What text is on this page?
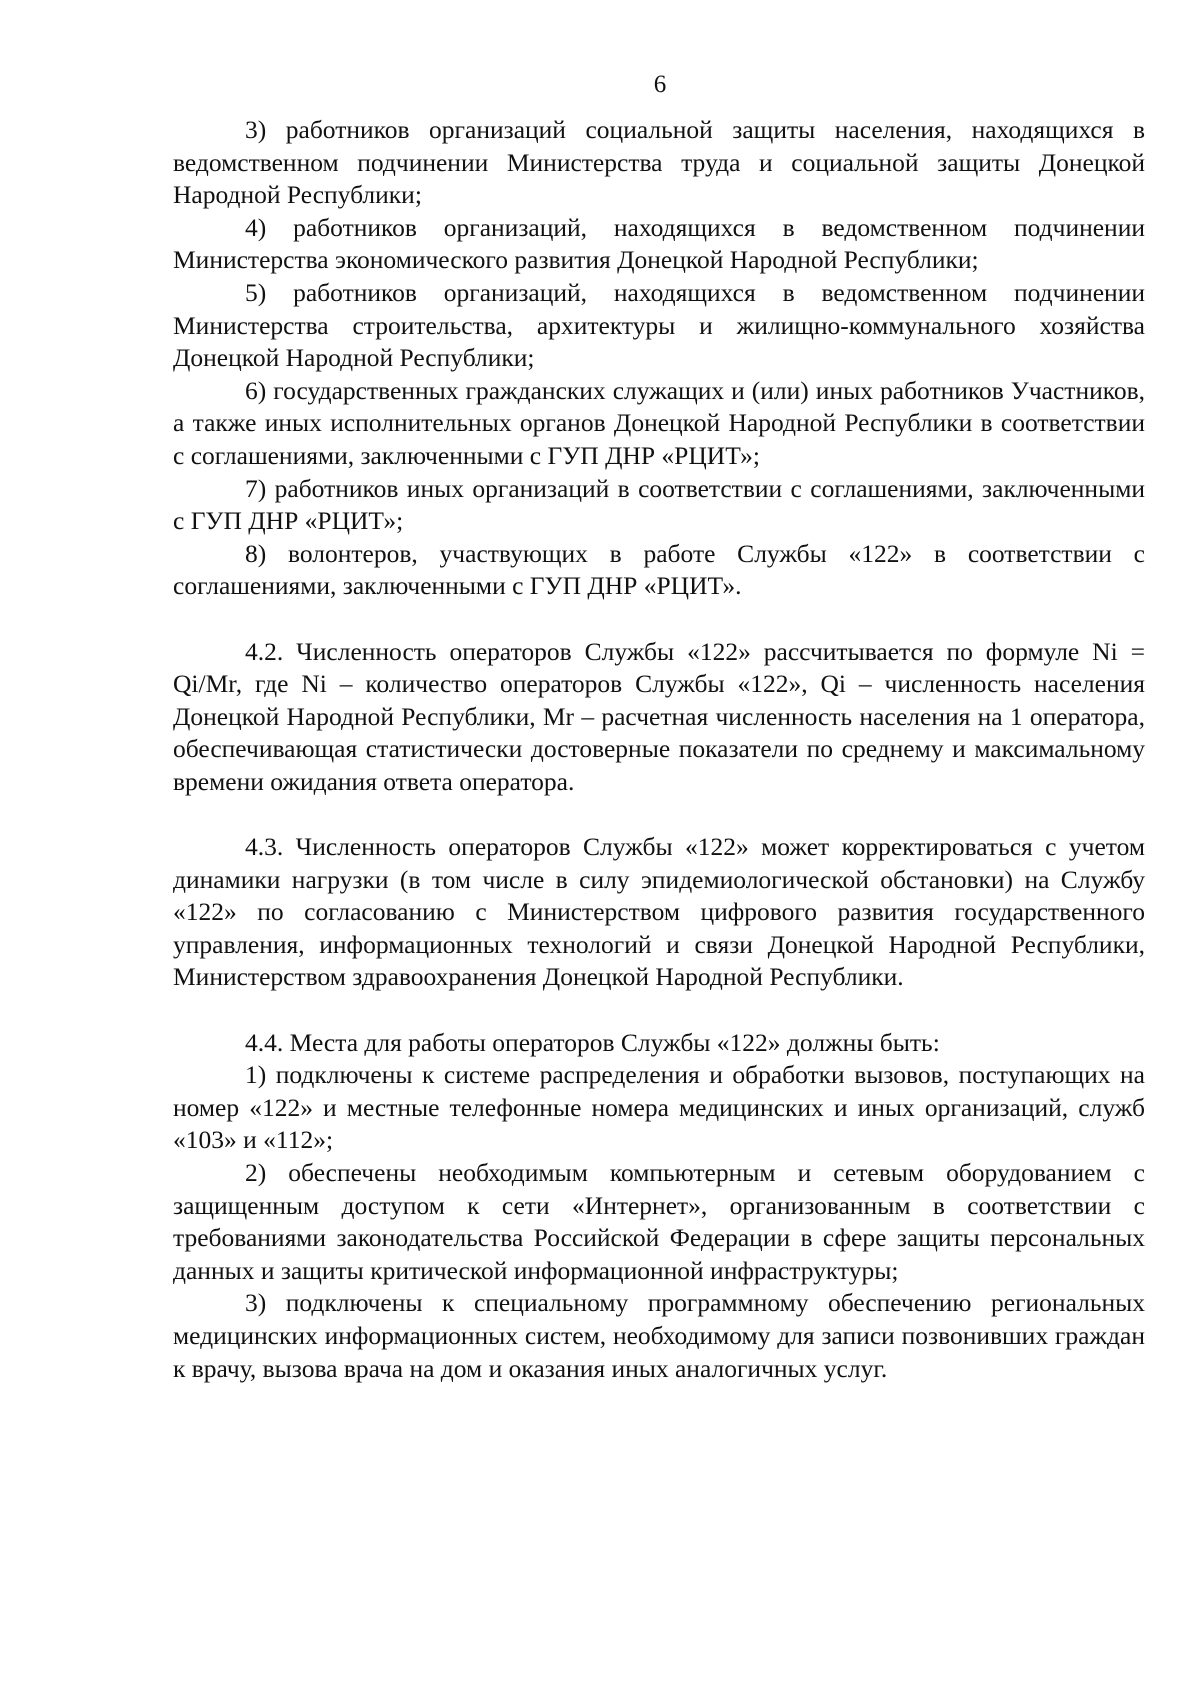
6

3) работников организаций социальной защиты населения, находящихся в ведомственном подчинении Министерства труда и социальной защиты Донецкой Народной Республики;

4) работников организаций, находящихся в ведомственном подчинении Министерства экономического развития Донецкой Народной Республики;

5) работников организаций, находящихся в ведомственном подчинении Министерства строительства, архитектуры и жилищно-коммунального хозяйства Донецкой Народной Республики;

6) государственных гражданских служащих и (или) иных работников Участников, а также иных исполнительных органов Донецкой Народной Республики в соответствии с соглашениями, заключенными с ГУП ДНР «РЦИТ»;

7) работников иных организаций в соответствии с соглашениями, заключенными с ГУП ДНР «РЦИТ»;

8) волонтеров, участвующих в работе Службы «122» в соответствии с соглашениями, заключенными с ГУП ДНР «РЦИТ».

4.2. Численность операторов Службы «122» рассчитывается по формуле Ni = Qi/Mr, где Ni – количество операторов Службы «122», Qi – численность населения Донецкой Народной Республики, Mr – расчетная численность населения на 1 оператора, обеспечивающая статистически достоверные показатели по среднему и максимальному времени ожидания ответа оператора.

4.3. Численность операторов Службы «122» может корректироваться с учетом динамики нагрузки (в том числе в силу эпидемиологической обстановки) на Службу «122» по согласованию с Министерством цифрового развития государственного управления, информационных технологий и связи Донецкой Народной Республики, Министерством здравоохранения Донецкой Народной Республики.

4.4. Места для работы операторов Службы «122» должны быть:

1) подключены к системе распределения и обработки вызовов, поступающих на номер «122» и местные телефонные номера медицинских и иных организаций, служб «103» и «112»;

2) обеспечены необходимым компьютерным и сетевым оборудованием с защищенным доступом к сети «Интернет», организованным в соответствии с требованиями законодательства Российской Федерации в сфере защиты персональных данных и защиты критической информационной инфраструктуры;

3) подключены к специальному программному обеспечению региональных медицинских информационных систем, необходимому для записи позвонивших граждан к врачу, вызова врача на дом и оказания иных аналогичных услуг.
